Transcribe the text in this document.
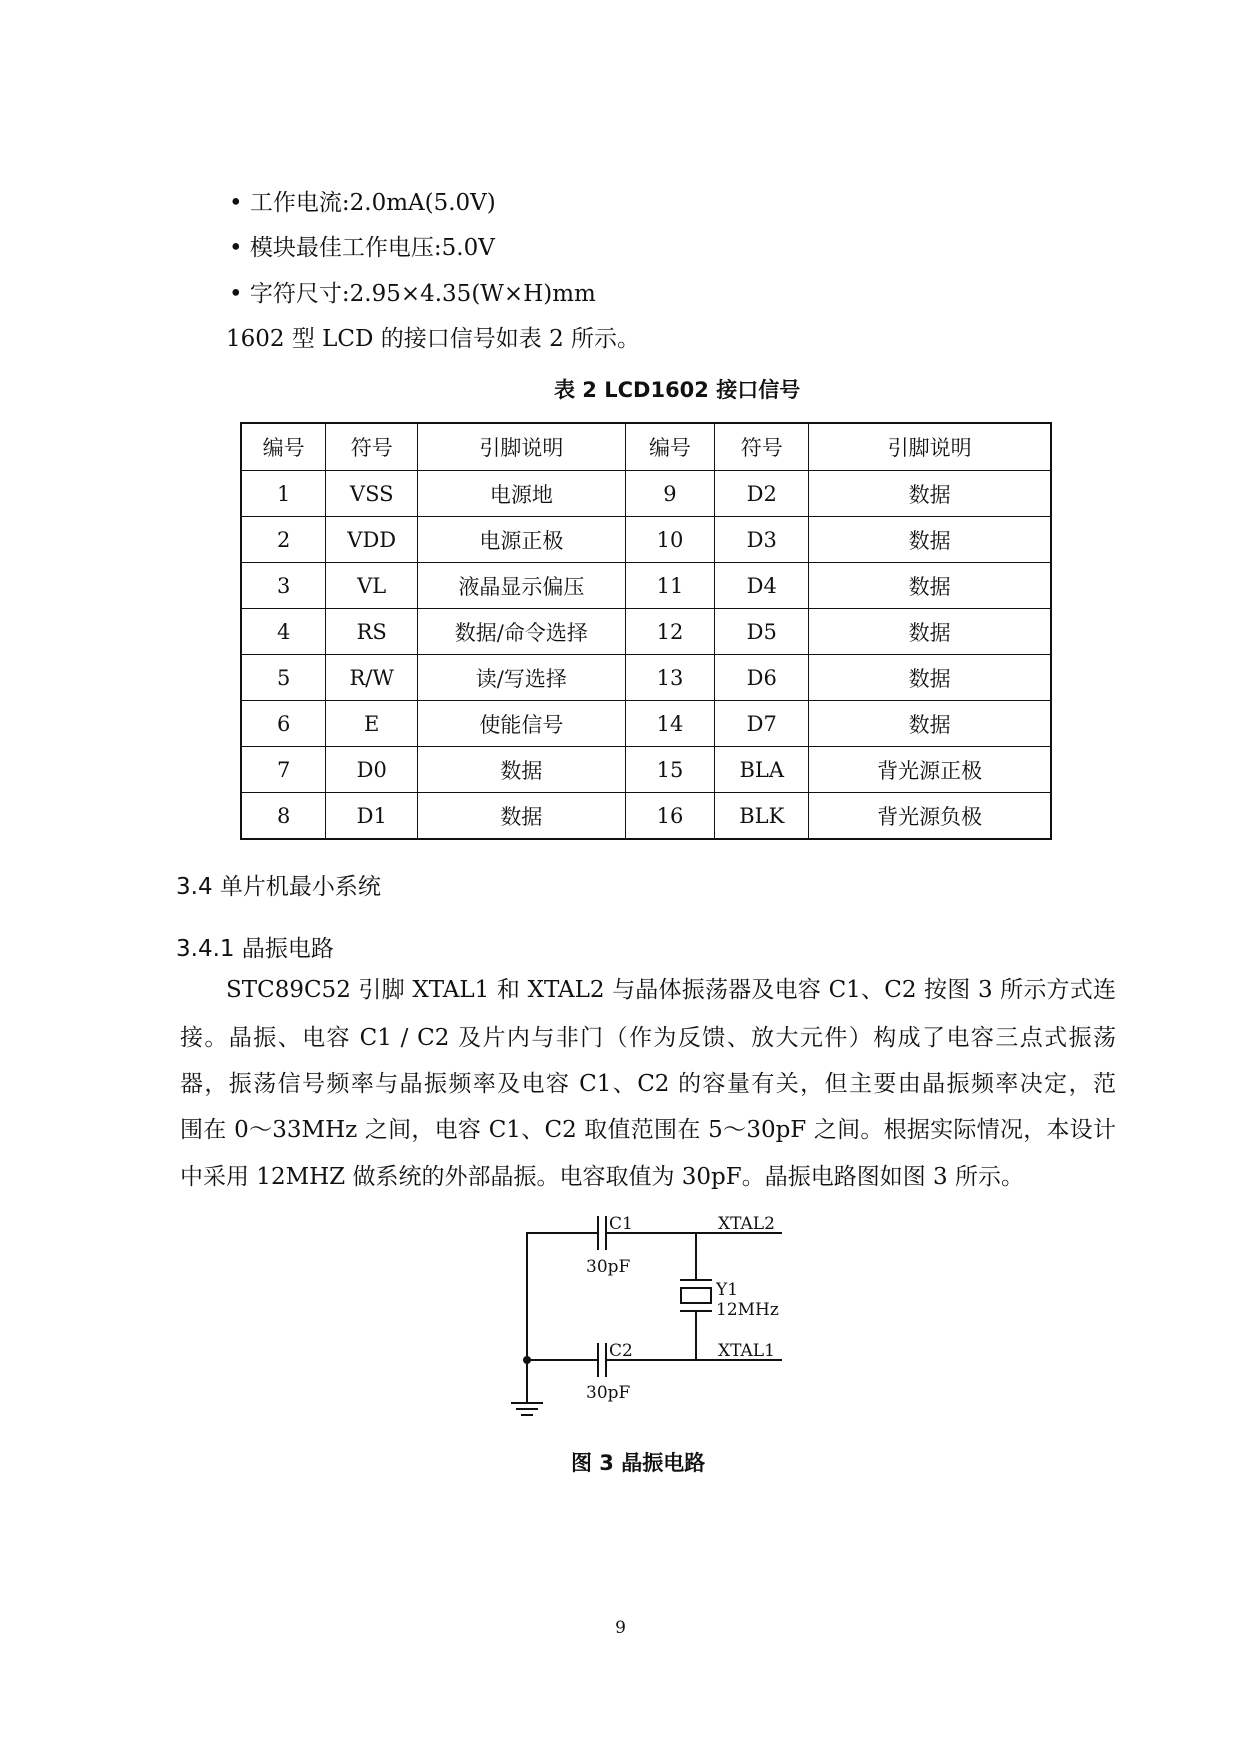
• 工作电流:2.0mA(5.0V)
• 模块最佳工作电压:5.0V
• 字符尺寸:2.95×4.35(W×H)mm
1602 型 LCD 的接口信号如表 2 所示。
表 2 LCD1602 接口信号
编号	符号	引脚说明	编号	符号	引脚说明
1	VSS	电源地	9	D2	数据
2	VDD	电源正极	10	D3	数据
3	VL	液晶显示偏压	11	D4	数据
4	RS	数据/命令选择	12	D5	数据
5	R/W	读/写选择	13	D6	数据
6	E	使能信号	14	D7	数据
7	D0	数据	15	BLA	背光源正极
8	D1	数据	16	BLK	背光源负极
3.4 单片机最小系统
3.4.1 晶振电路
STC89C52 引脚 XTAL1 和 XTAL2 与晶体振荡器及电容 C1、C2 按图 3 所示方式连
接。晶振、电容 C1 / C2 及片内与非门（作为反馈、放大元件）构成了电容三点式振荡
器，振荡信号频率与晶振频率及电容 C1、C2 的容量有关，但主要由晶振频率决定，范
围在 0～33MHz 之间，电容 C1、C2 取值范围在 5～30pF 之间。根据实际情况，本设计
中采用 12MHZ 做系统的外部晶振。电容取值为 30pF。晶振电路图如图 3 所示。
C1
30pF
XTAL2
Y1
12MHz
C2	XTAL1
30pF
图 3 晶振电路
9
